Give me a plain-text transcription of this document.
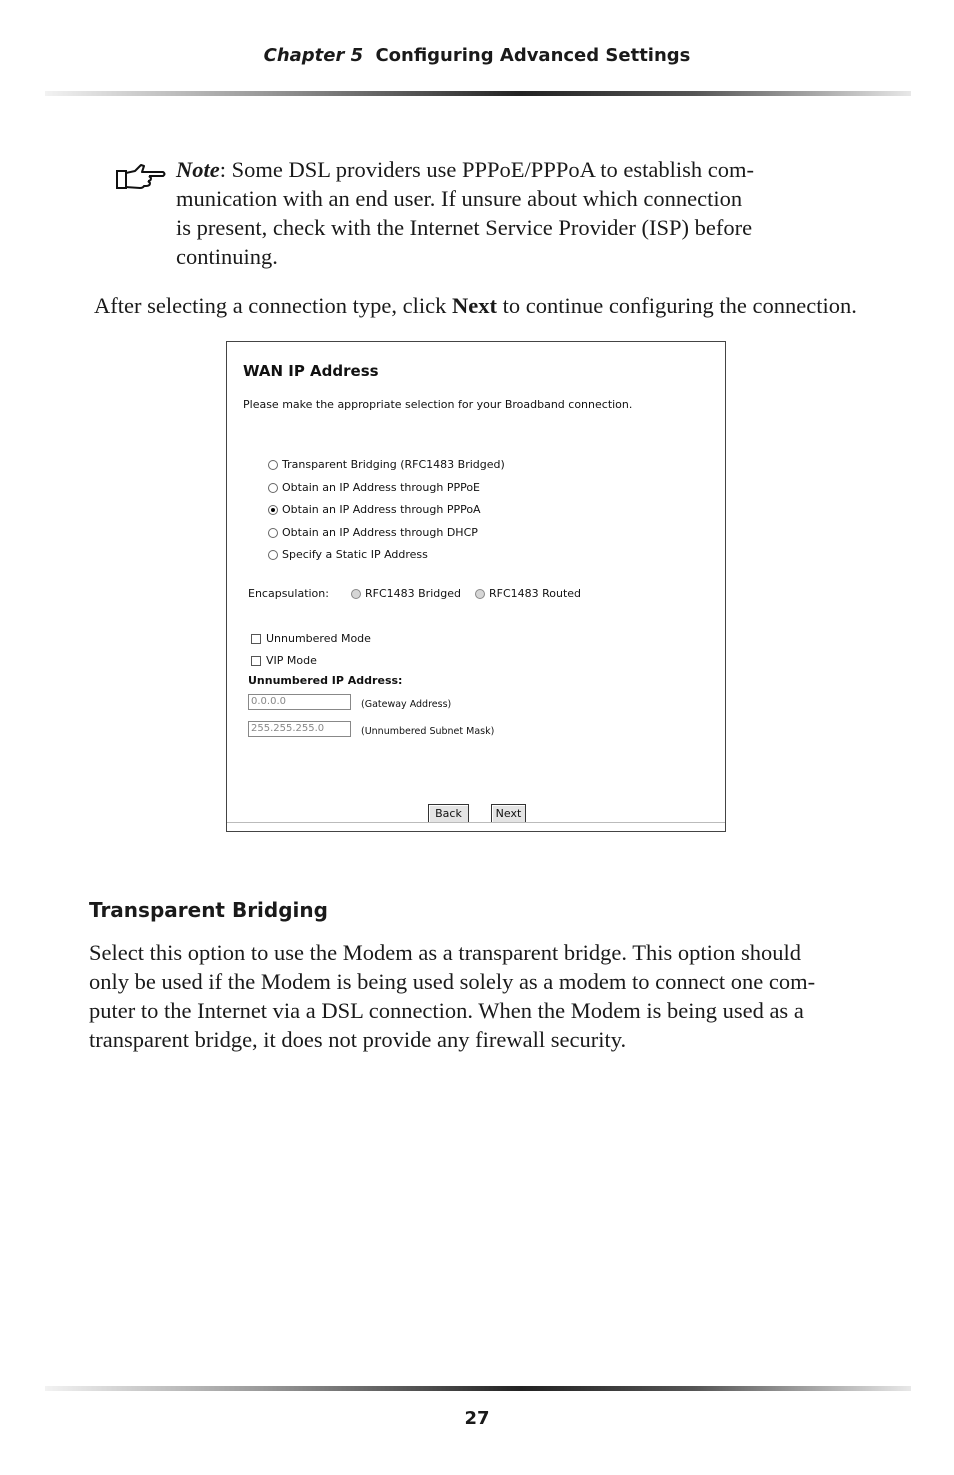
Chapter 5 Configuring Advanced Settings
Note: Some DSL providers use PPPoE/PPPoA to establish com-
munication with an end user. If unsure about which connection
is present, check with the Internet Service Provider (ISP) before
continuing.

After selecting a connection type, click Next to continue configuring the connection.

WAN IP Address
Please make the appropriate selection for your Broadband connection.
Transparent Bridging (RFC1483 Bridged)
Obtain an IP Address through PPPoE
Obtain an IP Address through PPPoA
Obtain an IP Address through DHCP
Specify a Static IP Address
Encapsulation:	RFC1483 Bridged	RFC1483 Routed
Unnumbered Mode
VIP Mode
Unnumbered IP Address:
0.0.0.0	(Gateway Address)
255.255.255.0	(Unnumbered Subnet Mask)
Back	Next
Transparent Bridging
Select this option to use the Modem as a transparent bridge. This option should
only be used if the Modem is being used solely as a modem to connect one com-
puter to the Internet via a DSL connection. When the Modem is being used as a
transparent bridge, it does not provide any firewall security.
27
